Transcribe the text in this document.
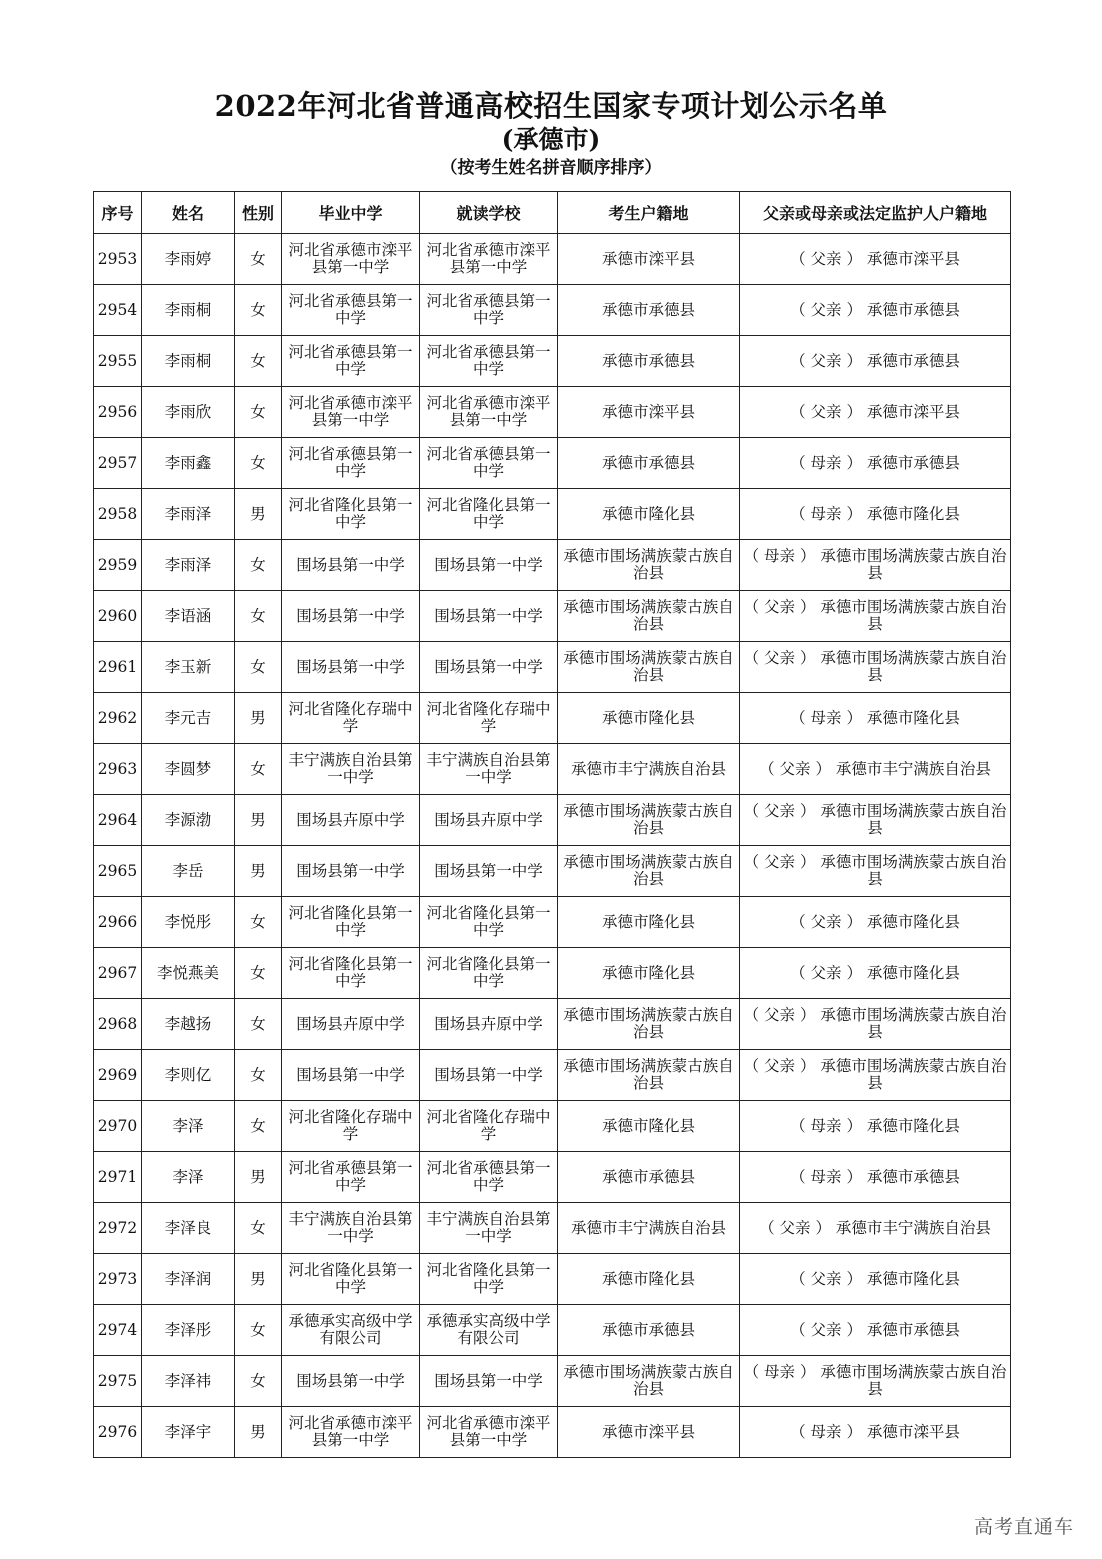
2022年河北省普通高校招生国家专项计划公示名单
(承德市)
（按考生姓名拼音顺序排序）
序号	姓名	性别	毕业中学	就读学校	考生户籍地	父亲或母亲或法定监护人户籍地
2953	李雨婷	女	河北省承德市滦平县第一中学	河北省承德市滦平县第一中学	承德市滦平县	（ 父亲 ） 承德市滦平县
2954	李雨桐	女	河北省承德县第一中学	河北省承德县第一中学	承德市承德县	（ 父亲 ） 承德市承德县
2955	李雨桐	女	河北省承德县第一中学	河北省承德县第一中学	承德市承德县	（ 父亲 ） 承德市承德县
2956	李雨欣	女	河北省承德市滦平县第一中学	河北省承德市滦平县第一中学	承德市滦平县	（ 父亲 ） 承德市滦平县
2957	李雨鑫	女	河北省承德县第一中学	河北省承德县第一中学	承德市承德县	（ 母亲 ） 承德市承德县
2958	李雨泽	男	河北省隆化县第一中学	河北省隆化县第一中学	承德市隆化县	（ 母亲 ） 承德市隆化县
2959	李雨泽	女	围场县第一中学	围场县第一中学	承德市围场满族蒙古族自治县	（ 母亲 ） 承德市围场满族蒙古族自治县
2960	李语涵	女	围场县第一中学	围场县第一中学	承德市围场满族蒙古族自治县	（ 父亲 ） 承德市围场满族蒙古族自治县
2961	李玉新	女	围场县第一中学	围场县第一中学	承德市围场满族蒙古族自治县	（ 父亲 ） 承德市围场满族蒙古族自治县
2962	李元吉	男	河北省隆化存瑞中学	河北省隆化存瑞中学	承德市隆化县	（ 母亲 ） 承德市隆化县
2963	李圆梦	女	丰宁满族自治县第一中学	丰宁满族自治县第一中学	承德市丰宁满族自治县	（ 父亲 ） 承德市丰宁满族自治县
2964	李源渤	男	围场县卉原中学	围场县卉原中学	承德市围场满族蒙古族自治县	（ 父亲 ） 承德市围场满族蒙古族自治县
2965	李岳	男	围场县第一中学	围场县第一中学	承德市围场满族蒙古族自治县	（ 父亲 ） 承德市围场满族蒙古族自治县
2966	李悦彤	女	河北省隆化县第一中学	河北省隆化县第一中学	承德市隆化县	（ 父亲 ） 承德市隆化县
2967	李悦燕美	女	河北省隆化县第一中学	河北省隆化县第一中学	承德市隆化县	（ 父亲 ） 承德市隆化县
2968	李越扬	女	围场县卉原中学	围场县卉原中学	承德市围场满族蒙古族自治县	（ 父亲 ） 承德市围场满族蒙古族自治县
2969	李则亿	女	围场县第一中学	围场县第一中学	承德市围场满族蒙古族自治县	（ 父亲 ） 承德市围场满族蒙古族自治县
2970	李泽	女	河北省隆化存瑞中学	河北省隆化存瑞中学	承德市隆化县	（ 母亲 ） 承德市隆化县
2971	李泽	男	河北省承德县第一中学	河北省承德县第一中学	承德市承德县	（ 母亲 ） 承德市承德县
2972	李泽良	女	丰宁满族自治县第一中学	丰宁满族自治县第一中学	承德市丰宁满族自治县	（ 父亲 ） 承德市丰宁满族自治县
2973	李泽润	男	河北省隆化县第一中学	河北省隆化县第一中学	承德市隆化县	（ 父亲 ） 承德市隆化县
2974	李泽彤	女	承德承实高级中学有限公司	承德承实高级中学有限公司	承德市承德县	（ 父亲 ） 承德市承德县
2975	李泽祎	女	围场县第一中学	围场县第一中学	承德市围场满族蒙古族自治县	（ 母亲 ） 承德市围场满族蒙古族自治县
2976	李泽宇	男	河北省承德市滦平县第一中学	河北省承德市滦平县第一中学	承德市滦平县	（ 母亲 ） 承德市滦平县
高考直通车
